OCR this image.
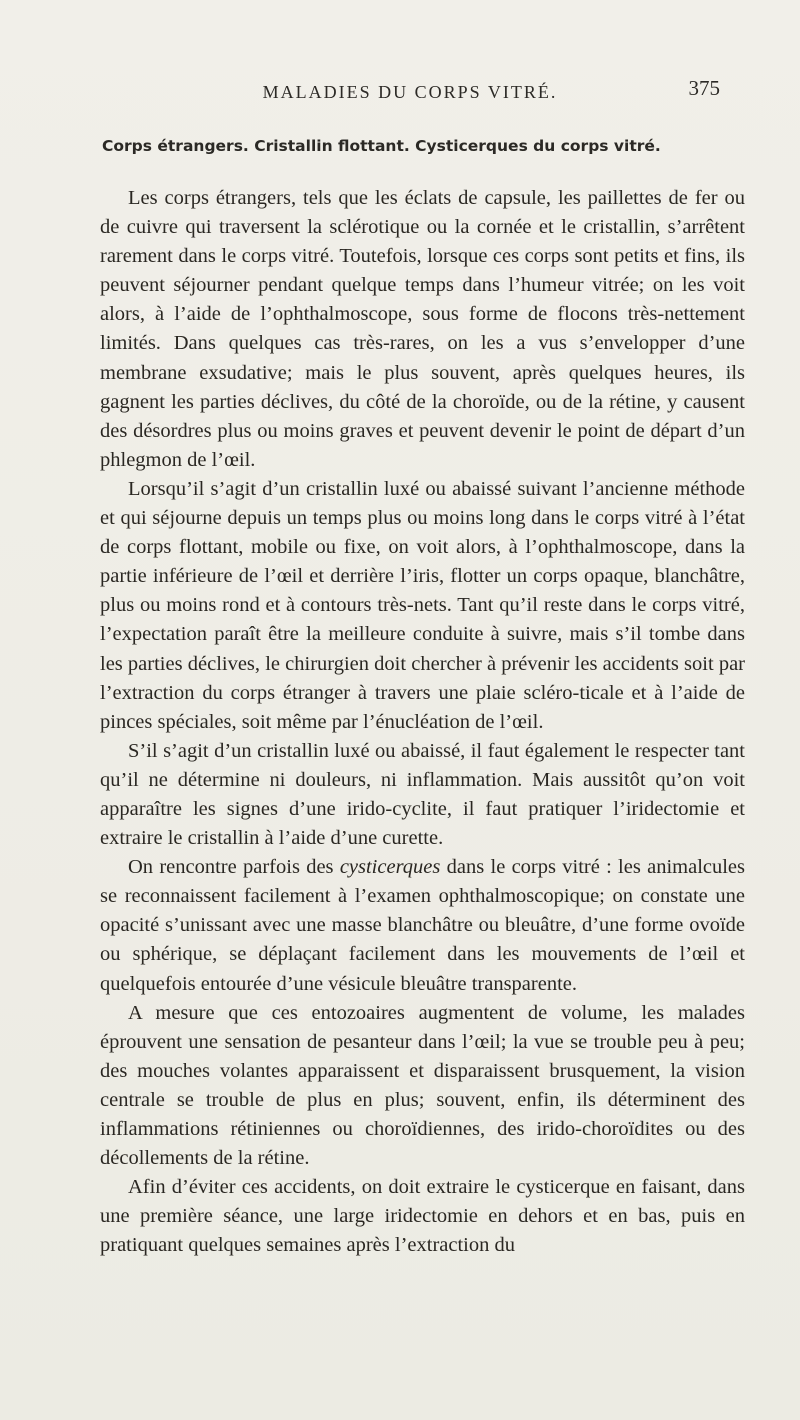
MALADIES DU CORPS VITRÉ.	375
Corps étrangers. Cristallin flottant. Cysticerques du corps vitré.

Les corps étrangers, tels que les éclats de capsule, les paillettes de fer ou de cuivre qui traversent la sclérotique ou la cornée et le cristallin, s’arrêtent rarement dans le corps vitré. Toutefois, lorsque ces corps sont petits et fins, ils peuvent séjourner pendant quelque temps dans l’humeur vitrée; on les voit alors, à l’aide de l’ophthalmoscope, sous forme de flocons très-nettement limités. Dans quelques cas très-rares, on les a vus s’envelopper d’une membrane exsudative; mais le plus souvent, après quelques heures, ils gagnent les parties déclives, du côté de la choroïde, ou de la rétine, y causent des désordres plus ou moins graves et peuvent devenir le point de départ d’un phlegmon de l’œil.

Lorsqu’il s’agit d’un cristallin luxé ou abaissé suivant l’ancienne méthode et qui séjourne depuis un temps plus ou moins long dans le corps vitré à l’état de corps flottant, mobile ou fixe, on voit alors, à l’ophthalmoscope, dans la partie inférieure de l’œil et derrière l’iris, flotter un corps opaque, blanchâtre, plus ou moins rond et à contours très-nets. Tant qu’il reste dans le corps vitré, l’expectation paraît être la meilleure conduite à suivre, mais s’il tombe dans les parties déclives, le chirurgien doit chercher à prévenir les accidents soit par l’extraction du corps étranger à travers une plaie scléro-ticale et à l’aide de pinces spéciales, soit même par l’énucléation de l’œil.

S’il s’agit d’un cristallin luxé ou abaissé, il faut également le respecter tant qu’il ne détermine ni douleurs, ni inflammation. Mais aussitôt qu’on voit apparaître les signes d’une irido-cyclite, il faut pratiquer l’iridectomie et extraire le cristallin à l’aide d’une curette.

On rencontre parfois des cysticerques dans le corps vitré : les animalcules se reconnaissent facilement à l’examen ophthalmoscopique; on constate une opacité s’unissant avec une masse blanchâtre ou bleuâtre, d’une forme ovoïde ou sphérique, se déplaçant facilement dans les mouvements de l’œil et quelquefois entourée d’une vésicule bleuâtre transparente.

A mesure que ces entozoaires augmentent de volume, les malades éprouvent une sensation de pesanteur dans l’œil; la vue se trouble peu à peu; des mouches volantes apparaissent et disparaissent brusquement, la vision centrale se trouble de plus en plus; souvent, enfin, ils déterminent des inflammations rétiniennes ou choroïdiennes, des irido-choroïdites ou des décollements de la rétine.

Afin d’éviter ces accidents, on doit extraire le cysticerque en faisant, dans une première séance, une large iridectomie en dehors et en bas, puis en pratiquant quelques semaines après l’extraction du
